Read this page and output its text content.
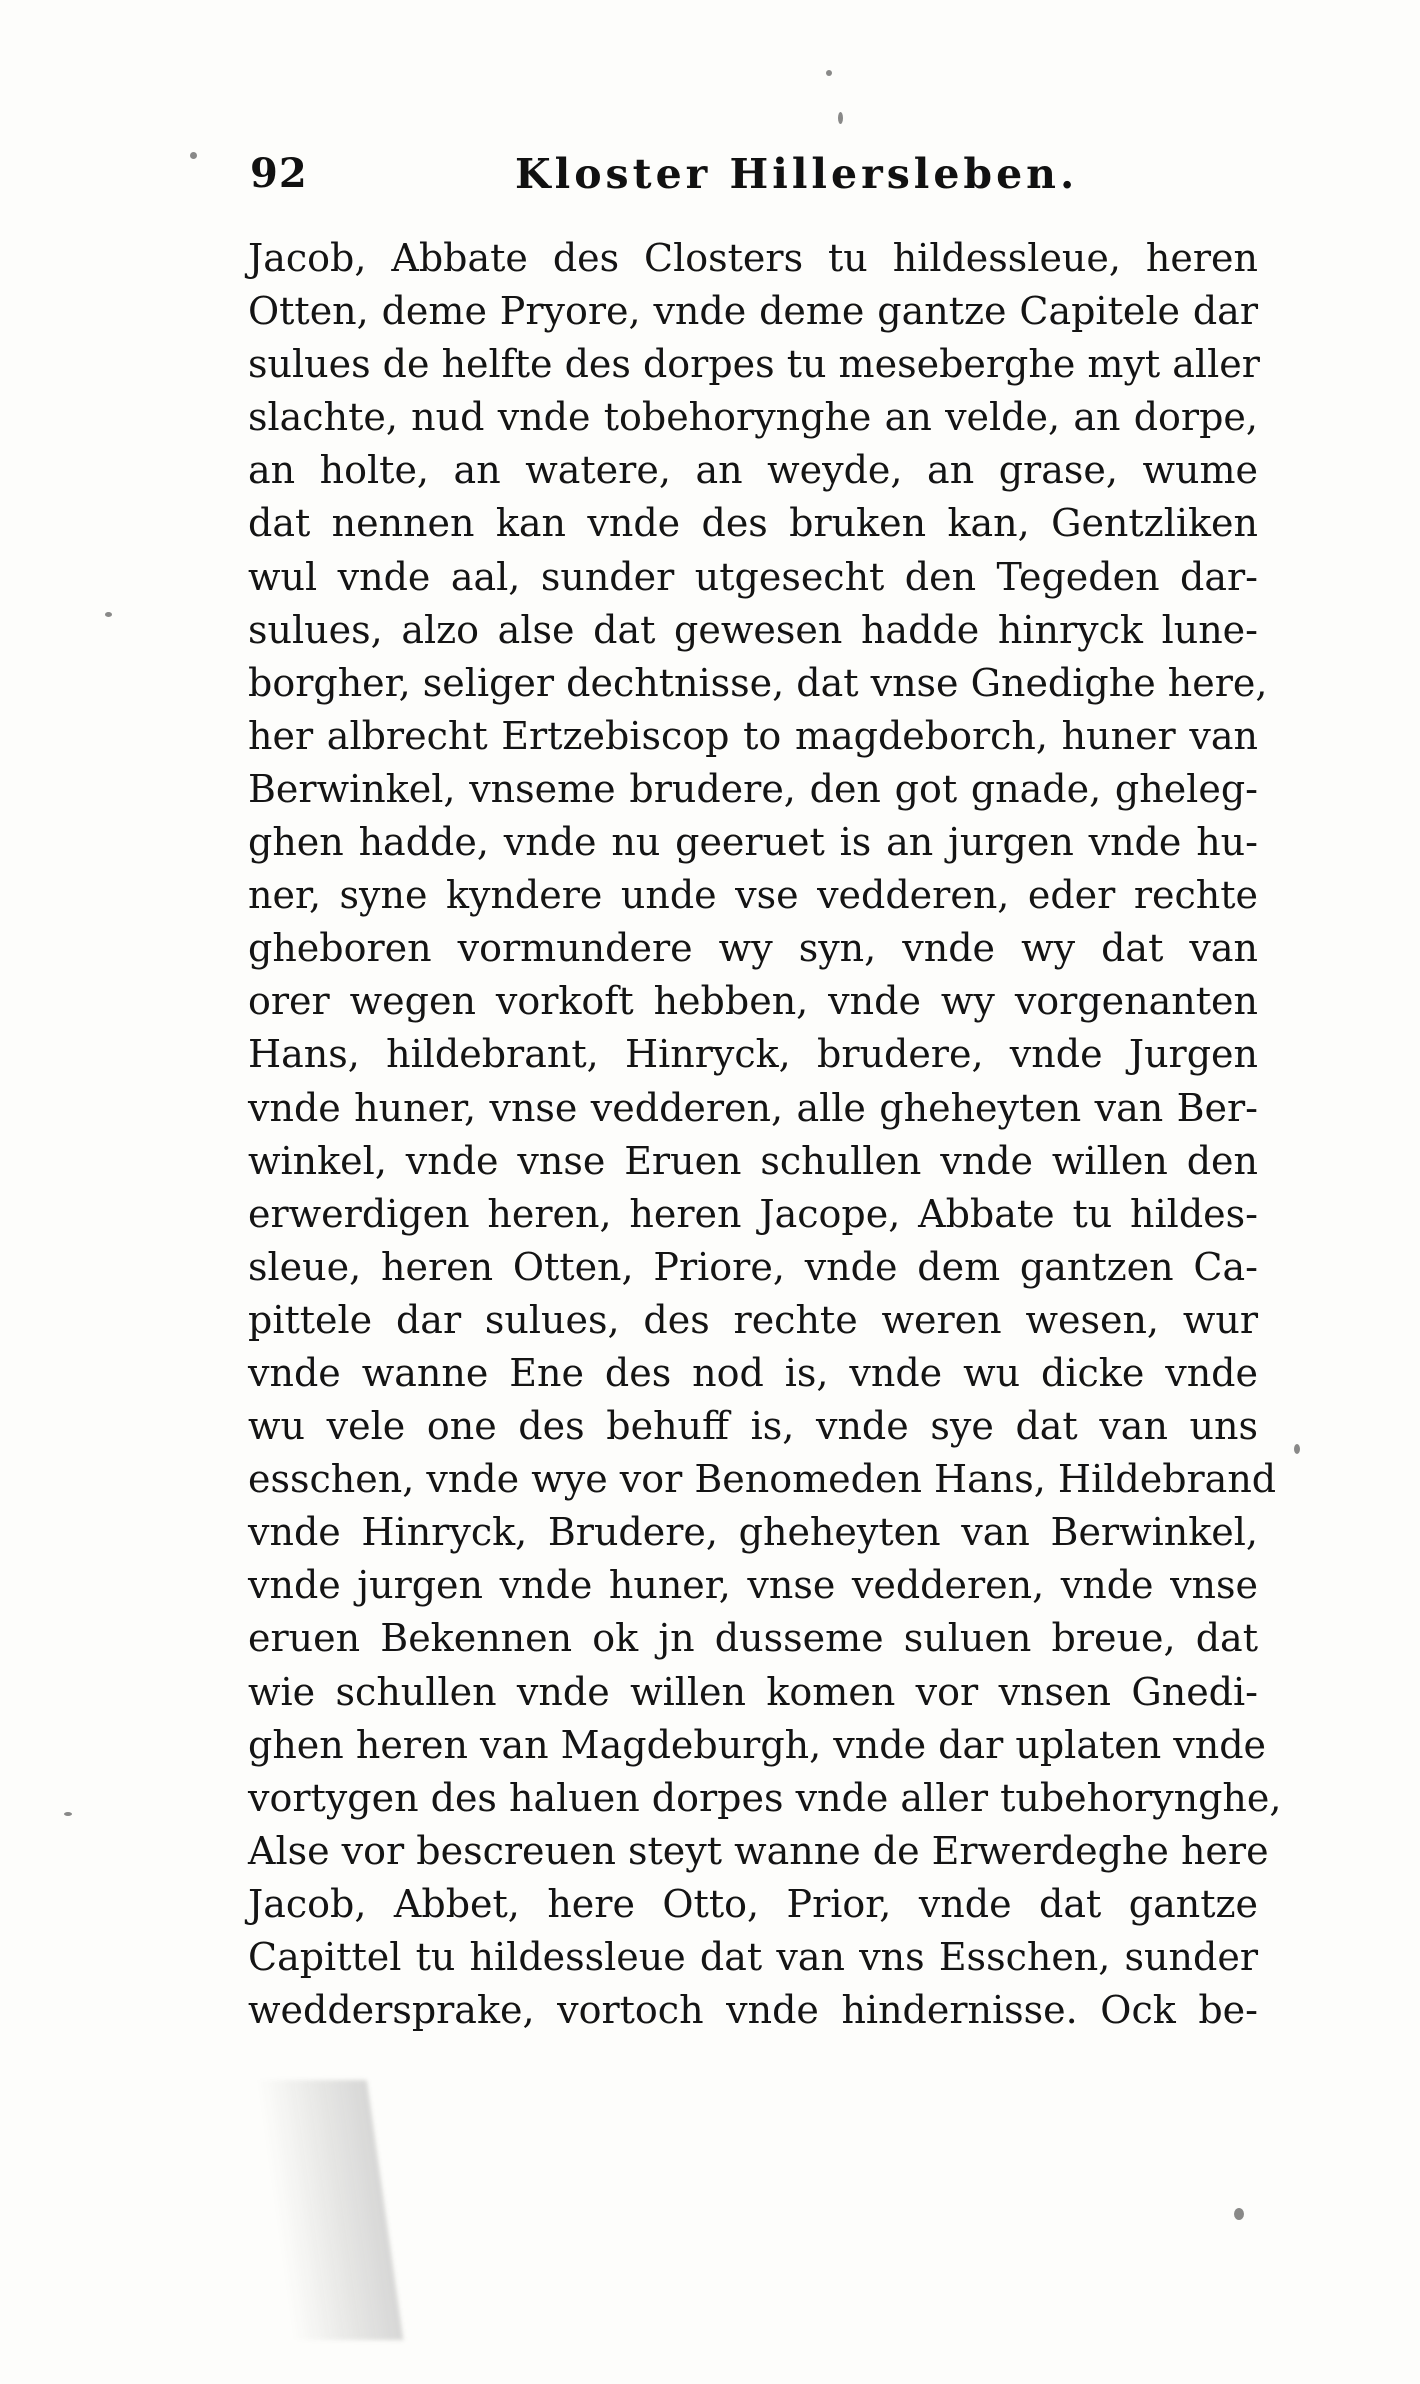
92	Kloster Hillersleben.
Jacob, Abbate des Closters tu hildessleue, heren
Otten, deme Pryore, vnde deme gantze Capitele dar
sulues de helfte des dorpes tu meseberghe myt aller
slachte, nud vnde tobehorynghe an velde, an dorpe,
an holte, an watere, an weyde, an grase, wume
dat nennen kan vnde des bruken kan, Gentzliken
wul vnde aal, sunder utgesecht den Tegeden dar-
sulues, alzo alse dat gewesen hadde hinryck lune-
borgher, seliger dechtnisse, dat vnse Gnedighe here,
her albrecht Ertzebiscop to magdeborch, huner van
Berwinkel, vnseme brudere, den got gnade, gheleg-
ghen hadde, vnde nu geeruet is an jurgen vnde hu-
ner, syne kyndere unde vse vedderen, eder rechte
gheboren vormundere wy syn, vnde wy dat van
orer wegen vorkoft hebben, vnde wy vorgenanten
Hans, hildebrant, Hinryck, brudere, vnde Jurgen
vnde huner, vnse vedderen, alle gheheyten van Ber-
winkel, vnde vnse Eruen schullen vnde willen den
erwerdigen heren, heren Jacope, Abbate tu hildes-
sleue, heren Otten, Priore, vnde dem gantzen Ca-
pittele dar sulues, des rechte weren wesen, wur
vnde wanne Ene des nod is, vnde wu dicke vnde
wu vele one des behuff is, vnde sye dat van uns
esschen, vnde wye vor Benomeden Hans, Hildebrand
vnde Hinryck, Brudere, gheheyten van Berwinkel,
vnde jurgen vnde huner, vnse vedderen, vnde vnse
eruen Bekennen ok jn dusseme suluen breue, dat
wie schullen vnde willen komen vor vnsen Gnedi-
ghen heren van Magdeburgh, vnde dar uplaten vnde
vortygen des haluen dorpes vnde aller tubehorynghe,
Alse vor bescreuen steyt wanne de Erwerdeghe here
Jacob, Abbet, here Otto, Prior, vnde dat gantze
Capittel tu hildessleue dat van vns Esschen, sunder
weddersprake, vortoch vnde hindernisse. Ock be-
